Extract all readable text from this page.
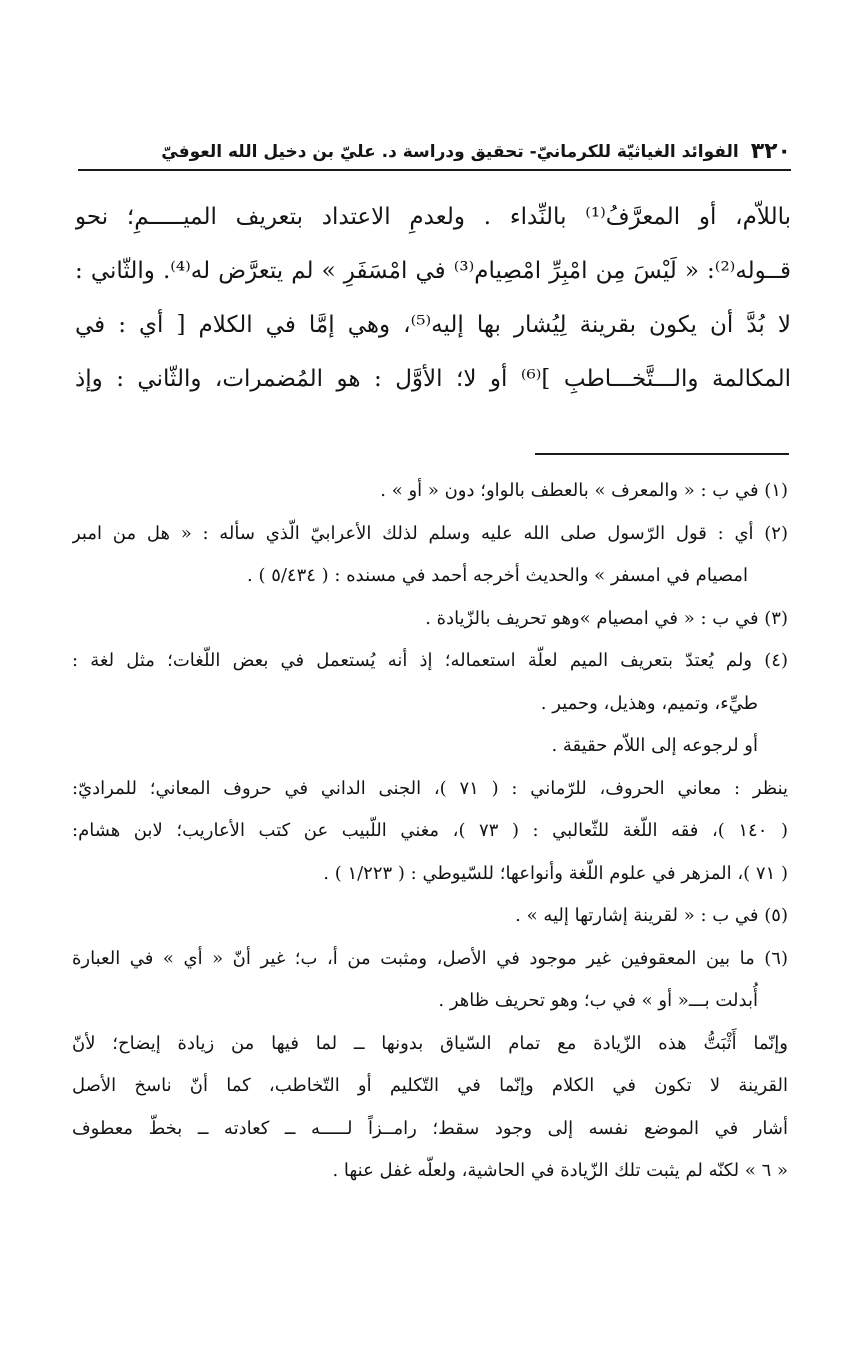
٣٢٠
الفوائد الغياثيّة للكرمانيّ- تحقيق ودراسة د. عليّ بن دخيل الله العوفيّ
باللاّم، أو المعرَّفُ⁽¹⁾ بالنِّداء . ولعدمِ الاعتداد بتعريف الميـــــمِ؛ نحو
قــوله⁽²⁾: « لَيْسَ مِن امْبِرِّ امْصِيام⁽³⁾ في امْسَفَرِ » لم يتعرَّض له⁽⁴⁾. والثّاني :
لا بُدَّ أن يكون بقرينة لِيُشار بها إليه⁽⁵⁾، وهي إمَّا في الكلام [ أي : في
المكالمة والـــتَّخـــاطبِ ]⁽⁶⁾ أو لا؛ الأوَّل : هو المُضمرات، والثّاني : وإذ
(١) في ب : « والمعرف » بالعطف بالواو؛ دون « أو » .
(٢) أي : قول الرّسول صلى الله عليه وسلم لذلك الأعرابيّ الّذي سأله : « هل من امبر
امصيام في امسفر » والحديث أخرجه أحمد في مسنده : ( ٥/٤٣٤ ) .
(٣) في ب : « في امصيام »وهو تحريف بالزّيادة .
(٤) ولم يُعتدّ بتعريف الميم لعلّة استعماله؛ إذ أنه يُستعمل في بعض اللّغات؛ مثل لغة :
طيِّء، وتميم، وهذيل، وحمير .
أو لرجوعه إلى اللاّم حقيقة .
ينظر : معاني الحروف، للرّماني : ( ٧١ )، الجنى الداني في حروف المعاني؛ للمراديّ:
( ١٤٠ )، فقه اللّغة للثّعالبي : ( ٧٣ )، مغني اللّبيب عن كتب الأعاريب؛ لابن هشام:
( ٧١ )، المزهر في علوم اللّغة وأنواعها؛ للسّيوطي : ( ١/٢٢٣ ) .
(٥) في ب : « لقرينة إشارتها إليه » .
(٦) ما بين المعقوفين غير موجود في الأصل، ومثبت من أ، ب؛ غير أنّ « أي » في العبارة
أُبدلت بـــ« أو » في ب؛ وهو تحريف ظاهر .
وإنّما أَثْبَتُّ هذه الزّيادة مع تمام السّياق بدونها ــ لما فيها من زيادة إيضاح؛ لأنّ
القرينة لا تكون في الكلام وإنّما في التّكليم أو التّخاطب، كما أنّ ناسخ الأصل
أشار في الموضع نفسه إلى وجود سقط؛ رامــزاً لـــــه ــ كعادته ــ بخطّ معطوف
« ٦ » لكنّه لم يثبت تلك الزّيادة في الحاشية، ولعلّه غفل عنها .
